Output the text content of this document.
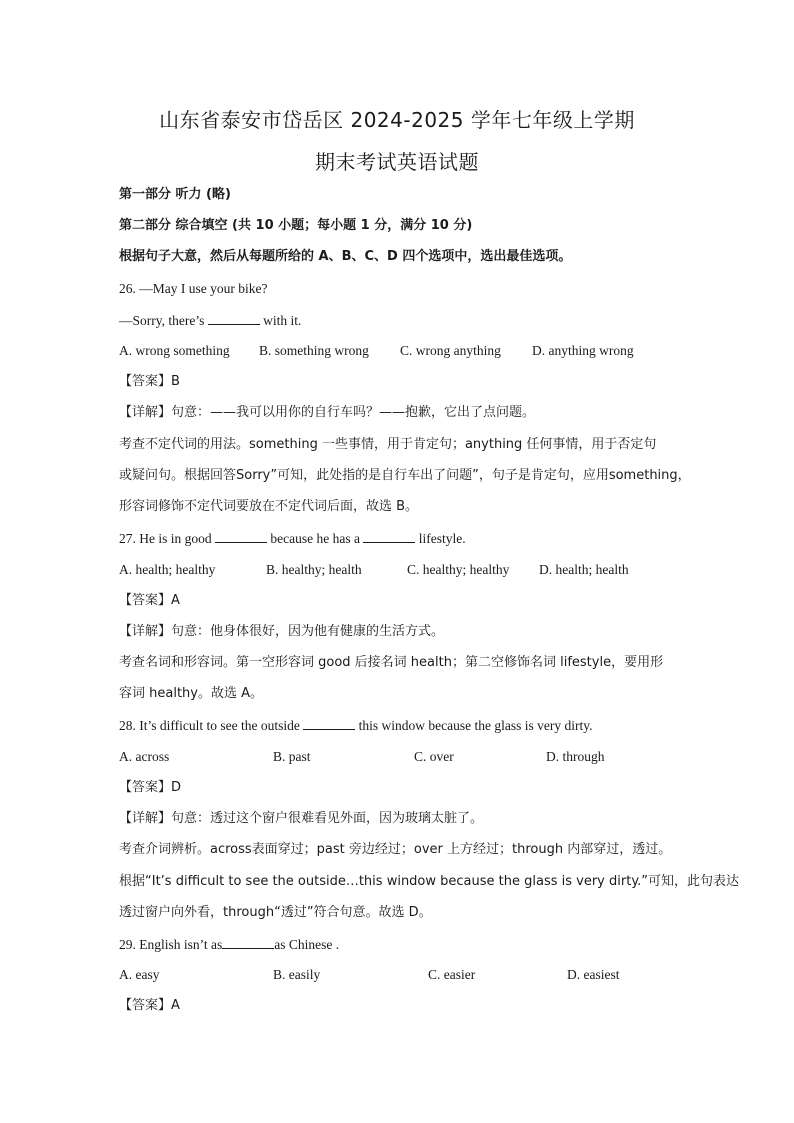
山东省泰安市岱岳区 2024-2025 学年七年级上学期
期末考试英语试题
第一部分 听力 (略)
第二部分 综合填空 (共 10 小题；每小题 1 分，满分 10 分)
根据句子大意，然后从每题所给的 A、B、C、D 四个选项中，选出最佳选项。
26. —May I use your bike?
—Sorry, there’s	with it.
A. wrong something B. something wrong C. wrong anything D. anything wrong
【答案】B
【详解】句意：——我可以用你的自行车吗？——抱歉，它出了点问题。
考查不定代词的用法。something 一些事情，用于肯定句；anything 任何事情，用于否定句
或疑问句。根据回答Sorry”可知，此处指的是自行车出了问题”，句子是肯定句，应用something，
形容词修饰不定代词要放在不定代词后面，故选 B。
27. He is in good	because he has a	lifestyle.
A. health; healthy	B. healthy; health	C. healthy; healthy D. health; health
【答案】A
【详解】句意：他身体很好，因为他有健康的生活方式。
考查名词和形容词。第一空形容词 good 后接名词 health；第二空修饰名词 lifestyle，要用形
容词 healthy。故选 A。
28. It’s difficult to see the outside	this window because the glass is very dirty.
A. across	B. past	C. over	D. through
【答案】D
【详解】句意：透过这个窗户很难看见外面，因为玻璃太脏了。
考查介词辨析。across表面穿过；past 旁边经过；over 上方经过；through 内部穿过，透过。
根据“It’s difficult to see the outside…this window because the glass is very dirty.”可知，此句表达
透过窗户向外看，through“透过”符合句意。故选 D。
29. English isn’t as	as Chinese .
A. easy	B. easily	C. easier	D. easiest
【答案】A
